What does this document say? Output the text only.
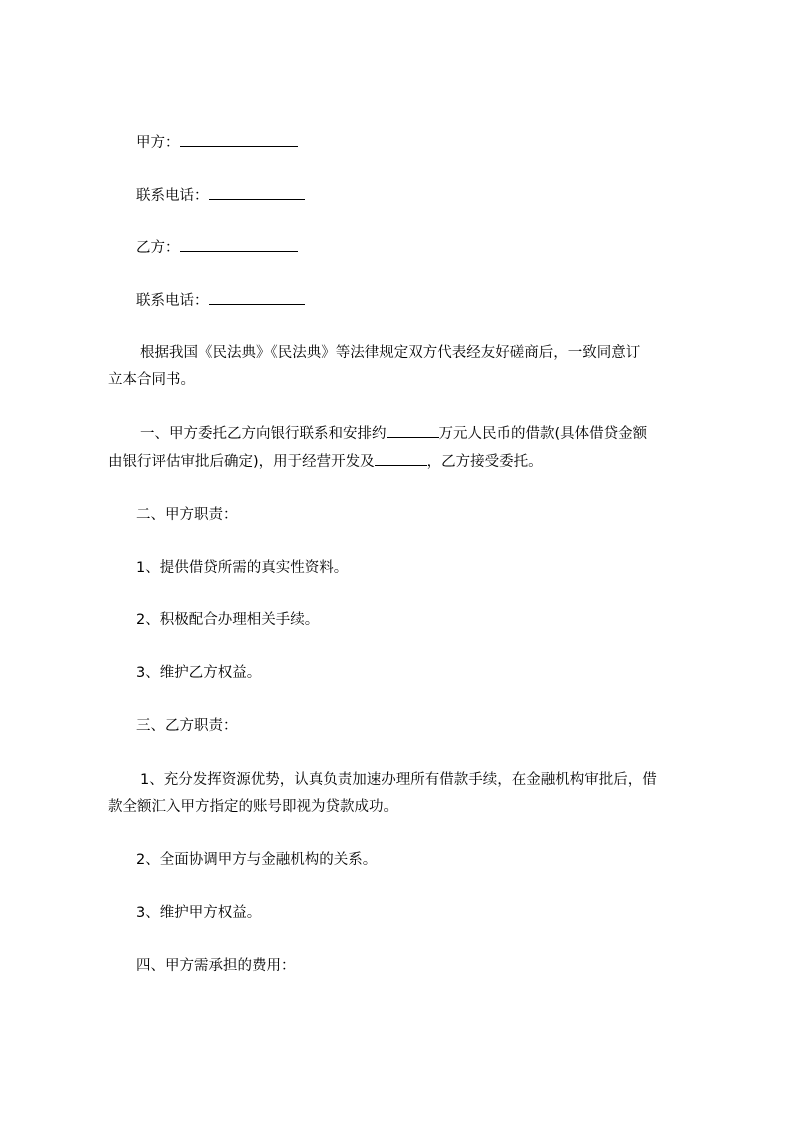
甲方：
联系电话：
乙方：
联系电话：
根据我国《民法典》《民法典》等法律规定双方代表经友好磋商后，一致同意订
立本合同书。
一、甲方委托乙方向银行联系和安排约	万元人民币的借款(具体借贷金额
由银行评估审批后确定)，用于经营开发及	，乙方接受委托。
二、甲方职责：
1、提供借贷所需的真实性资料。
2、积极配合办理相关手续。
3、维护乙方权益。
三、乙方职责：
1、充分发挥资源优势，认真负责加速办理所有借款手续，在金融机构审批后，借
款全额汇入甲方指定的账号即视为贷款成功。
2、全面协调甲方与金融机构的关系。
3、维护甲方权益。
四、甲方需承担的费用：
